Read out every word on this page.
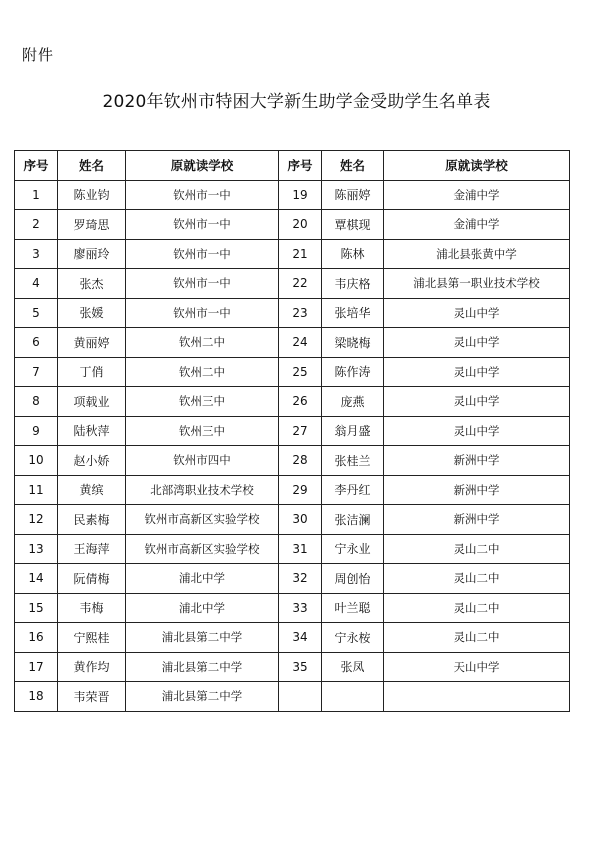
附件
2020年钦州市特困大学新生助学金受助学生名单表
序号	姓名	原就读学校	序号	姓名	原就读学校
1	陈业钧	钦州市一中	19	陈丽婷	金浦中学
2	罗琦思	钦州市一中	20	覃棋现	金浦中学
3	廖丽玲	钦州市一中	21	陈林	浦北县张黄中学
4	张杰	钦州市一中	22	韦庆格	浦北县第一职业技术学校
5	张媛	钦州市一中	23	张培华	灵山中学
6	黄丽婷	钦州二中	24	梁晓梅	灵山中学
7	丁俏	钦州二中	25	陈作涛	灵山中学
8	项载业	钦州三中	26	庞燕	灵山中学
9	陆秋萍	钦州三中	27	翁月盛	灵山中学
10	赵小娇	钦州市四中	28	张桂兰	新洲中学
11	黄缤	北部湾职业技术学校	29	李丹红	新洲中学
12	民素梅	钦州市高新区实验学校	30	张洁澜	新洲中学
13	王海萍	钦州市高新区实验学校	31	宁永业	灵山二中
14	阮倩梅	浦北中学	32	周创怡	灵山二中
15	韦梅	浦北中学	33	叶兰聪	灵山二中
16	宁熙桂	浦北县第二中学	34	宁永桉	灵山二中
17	黄作均	浦北县第二中学	35	张凤	天山中学
18	韦荣晋	浦北县第二中学			
